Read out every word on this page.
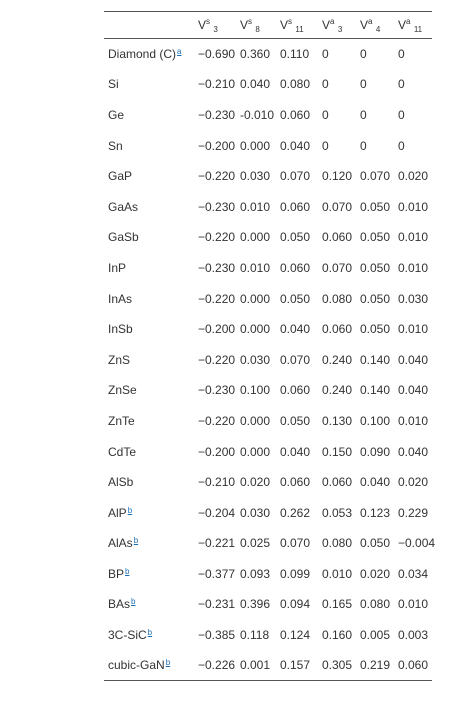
	$V^s$ $_3$	$V^s$ $_8$	$V^s$ $_{11}$	$V^a$ $_3$	$V^a$ $_4$	$V^a$ $_{11}$
Diamond (C)$^a$	−0.690	0.360	0.110	0	0	0
Si	−0.210	0.040	0.080	0	0	0
Ge	−0.230	-0.010	0.060	0	0	0
Sn	−0.200	0.000	0.040	0	0	0
GaP	−0.220	0.030	0.070	0.120	0.070	0.020
GaAs	−0.230	0.010	0.060	0.070	0.050	0.010
GaSb	−0.220	0.000	0.050	0.060	0.050	0.010
InP	−0.230	0.010	0.060	0.070	0.050	0.010
InAs	−0.220	0.000	0.050	0.080	0.050	0.030
InSb	−0.200	0.000	0.040	0.060	0.050	0.010
ZnS	−0.220	0.030	0.070	0.240	0.140	0.040
ZnSe	−0.230	0.100	0.060	0.240	0.140	0.040
ZnTe	−0.220	0.000	0.050	0.130	0.100	0.010
CdTe	−0.200	0.000	0.040	0.150	0.090	0.040
AlSb	−0.210	0.020	0.060	0.060	0.040	0.020
AlP$^b$	−0.204	0.030	0.262	0.053	0.123	0.229
AlAs$^b$	−0.221	0.025	0.070	0.080	0.050	−0.004
BP$^b$	−0.377	0.093	0.099	0.010	0.020	0.034
BAs$^b$	−0.231	0.396	0.094	0.165	0.080	0.010
3C-SiC$^b$	−0.385	0.118	0.124	0.160	0.005	0.003
cubic-GaN$^b$	−0.226	0.001	0.157	0.305	0.219	0.060
